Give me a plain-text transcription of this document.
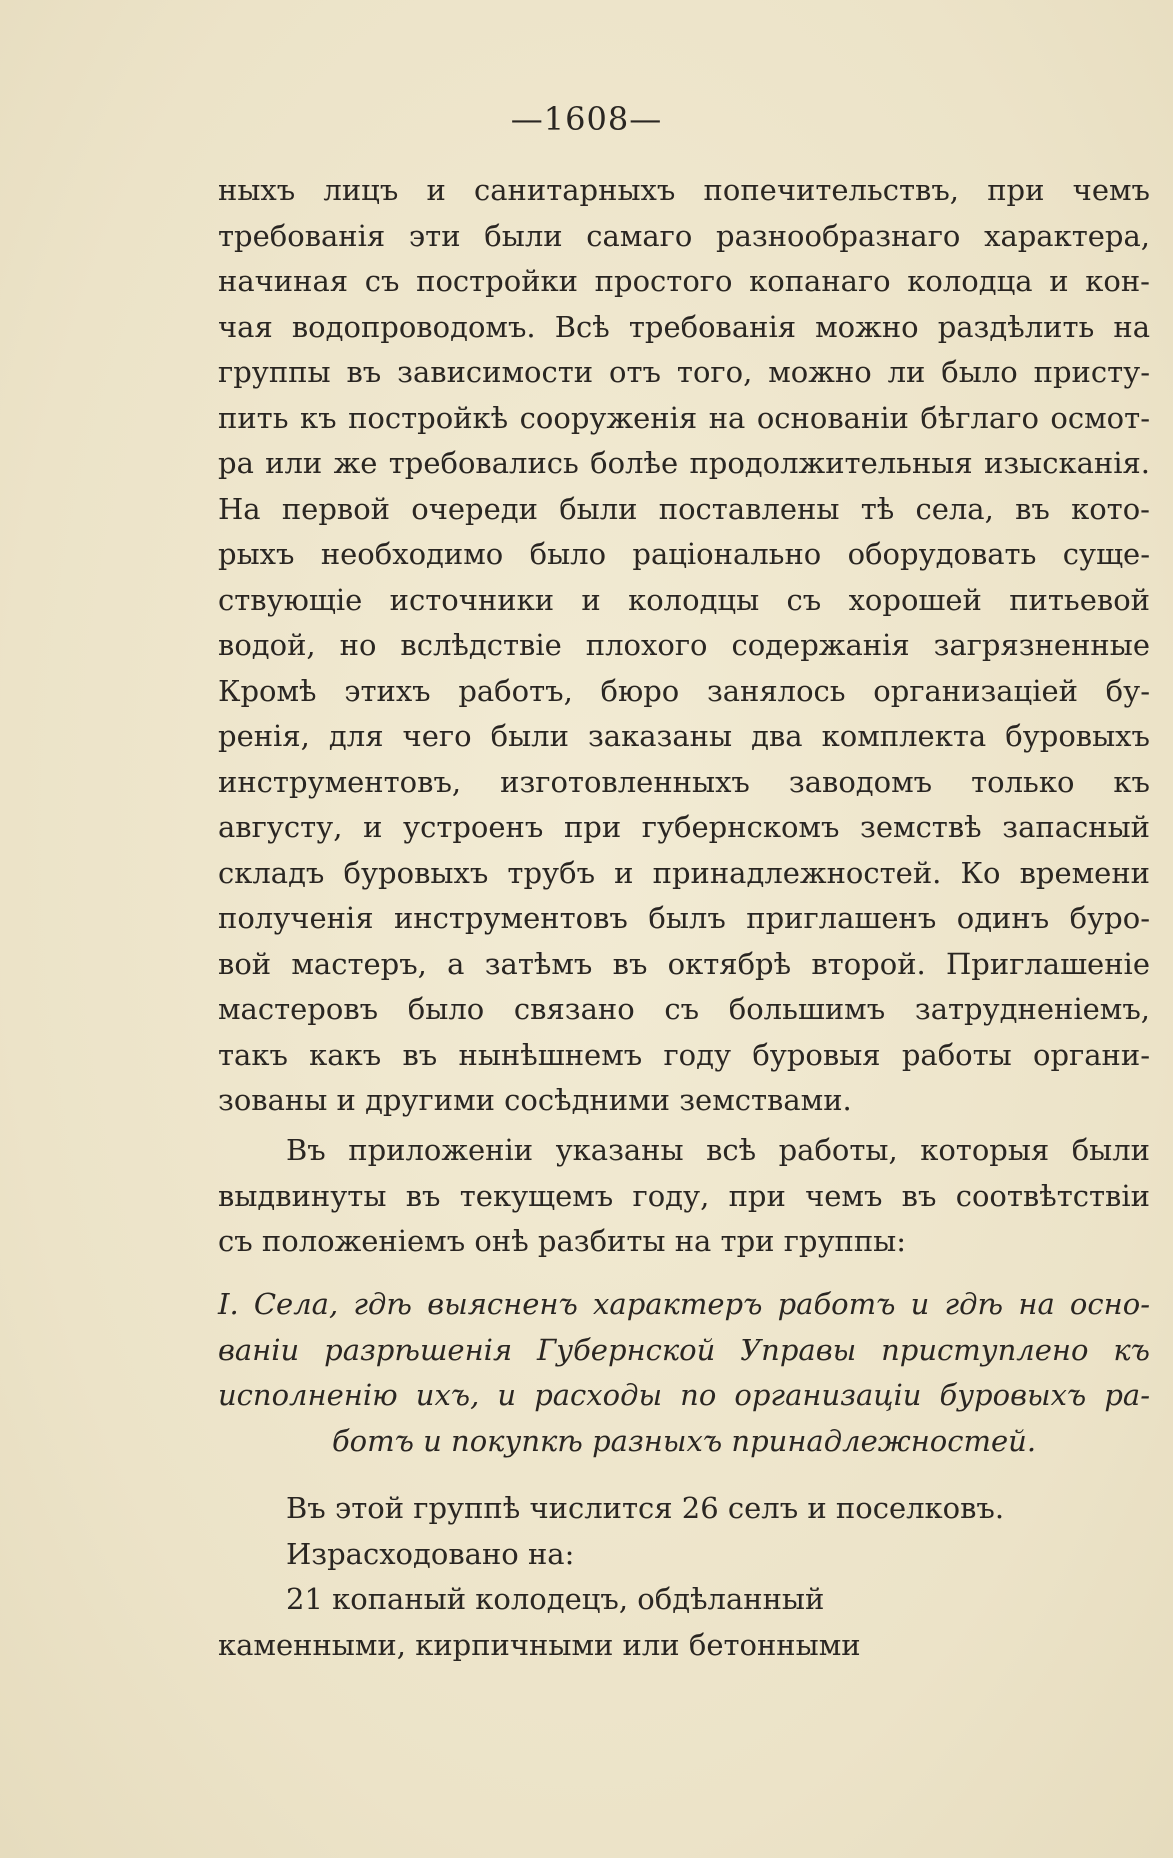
—1608—
ныхъ лицъ и санитарныхъ попечительствъ, при чемъ
требованія эти были самаго разнообразнаго характера,
начиная съ постройки простого копанаго колодца и кон-
чая водопроводомъ. Всѣ требованія можно раздѣлить на
группы въ зависимости отъ того, можно ли было присту-
пить къ постройкѣ сооруженія на основаніи бѣглаго осмот-
ра или же требовались болѣе продолжительныя изысканія.
На первой очереди были поставлены тѣ села, въ кото-
рыхъ необходимо было раціонально оборудовать суще-
ствующіе источники и колодцы съ хорошей питьевой
водой, но вслѣдствіе плохого содержанія загрязненные
Кромѣ этихъ работъ, бюро занялось организаціей бу-
ренія, для чего были заказаны два комплекта буровыхъ
инструментовъ, изготовленныхъ заводомъ только къ
августу, и устроенъ при губернскомъ земствѣ запасный
складъ буровыхъ трубъ и принадлежностей. Ко времени
полученія инструментовъ былъ приглашенъ одинъ буро-
вой мастеръ, а затѣмъ въ октябрѣ второй. Приглашеніе
мастеровъ было связано съ большимъ затрудненіемъ,
такъ какъ въ нынѣшнемъ году буровыя работы органи-
зованы и другими сосѣдними земствами.
Въ приложеніи указаны всѣ работы, которыя были
выдвинуты въ текущемъ году, при чемъ въ соотвѣтствіи
съ положеніемъ онѣ разбиты на три группы:
I. Села, гдѣ выясненъ характеръ работъ и гдѣ на осно-
ваніи разрѣшенія Губернской Управы приступлено къ
исполненію ихъ, и расходы по организаціи буровыхъ ра-
ботъ и покупкѣ разныхъ принадлежностей.
Въ этой группѣ числится 26 селъ и поселковъ.
Израсходовано на:
21 копаный колодецъ, обдѣланный
каменными, кирпичными или бетонными
